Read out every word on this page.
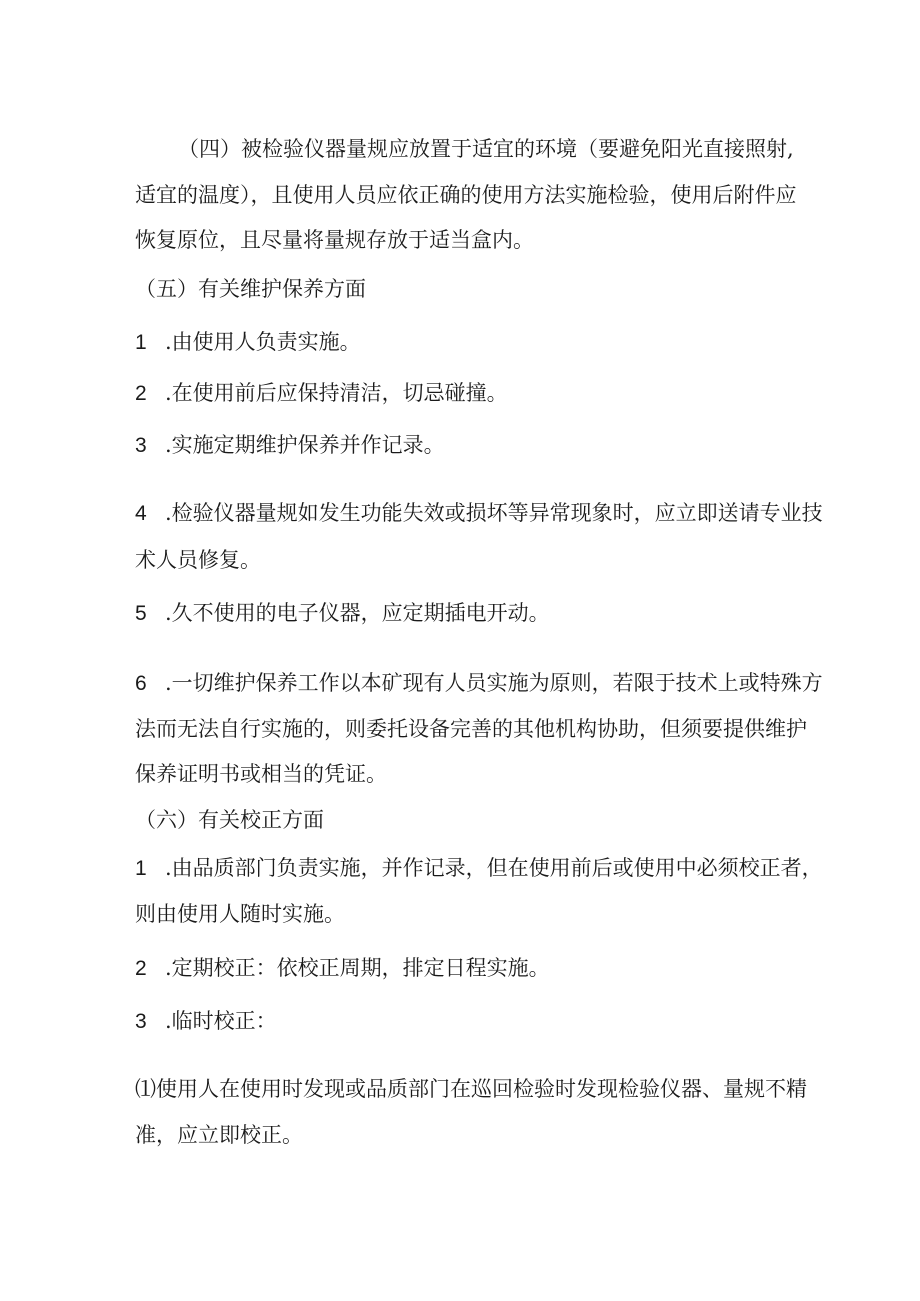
（四）被检验仪器量规应放置于适宜的环境（要避免阳光直接照射,
适宜的温度），且使用人员应依正确的使用方法实施检验，使用后附件应
恢复原位，且尽量将量规存放于适当盒内。
（五）有关维护保养方面
1 .由使用人负责实施。
2 .在使用前后应保持清洁，切忌碰撞。
3 .实施定期维护保养并作记录。
4 .检验仪器量规如发生功能失效或损坏等异常现象时，应立即送请专业技
术人员修复。
5 .久不使用的电子仪器，应定期插电开动。
6 .一切维护保养工作以本矿现有人员实施为原则，若限于技术上或特殊方
法而无法自行实施的，则委托设备完善的其他机构协助，但须要提供维护
保养证明书或相当的凭证。
（六）有关校正方面
1 .由品质部门负责实施，并作记录，但在使用前后或使用中必须校正者，
则由使用人随时实施。
2 .定期校正：依校正周期，排定日程实施。
3 .临时校正：
⑴使用人在使用时发现或品质部门在巡回检验时发现检验仪器、量规不精
准，应立即校正。
